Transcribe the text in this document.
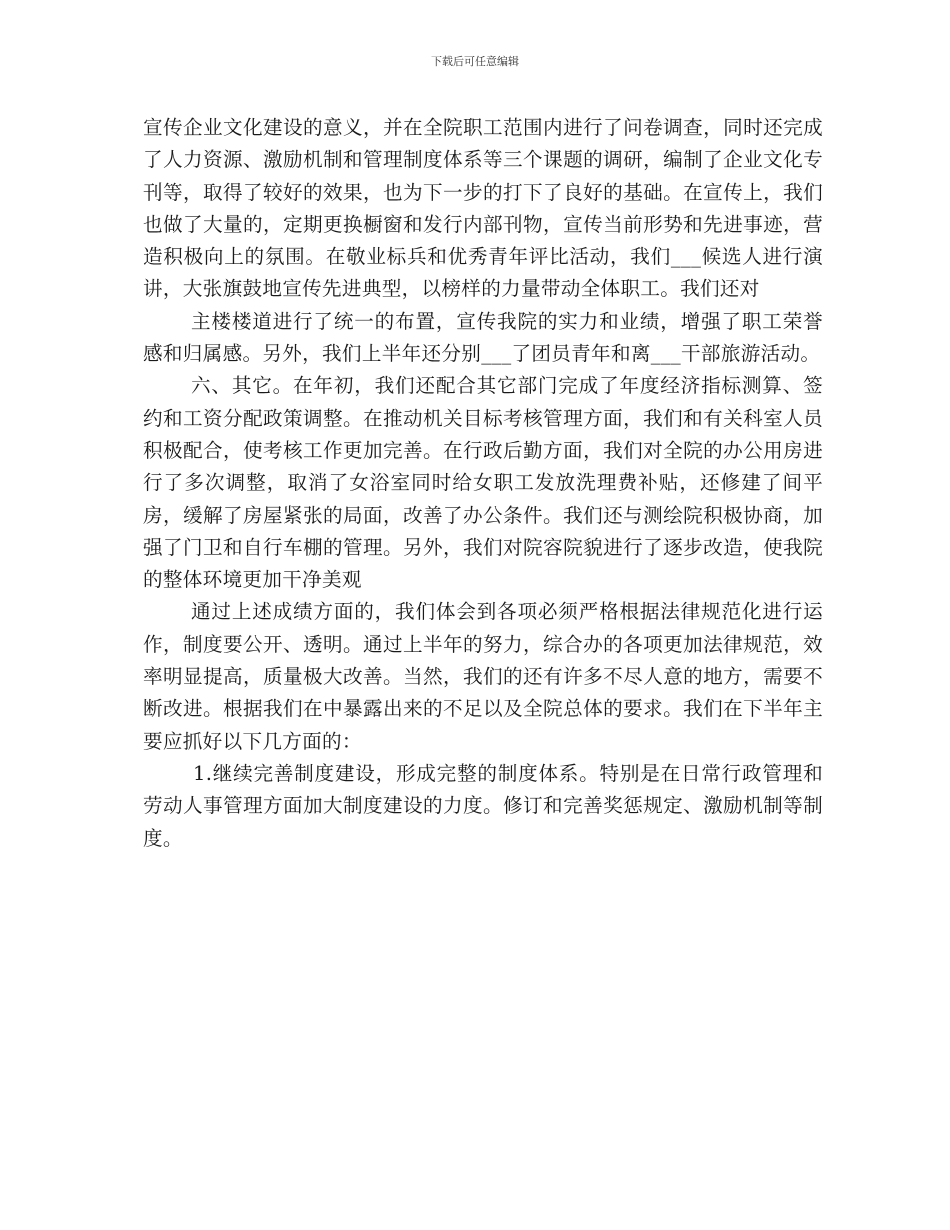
下载后可任意编辑

宣传企业文化建设的意义，并在全院职工范围内进行了问卷调查，同时还完成了人力资源、激励机制和管理制度体系等三个课题的调研，编制了企业文化专刊等，取得了较好的效果，也为下一步的打下了良好的基础。在宣传上，我们也做了大量的，定期更换橱窗和发行内部刊物，宣传当前形势和先进事迹，营造积极向上的氛围。在敬业标兵和优秀青年评比活动，我们___候选人进行演讲，大张旗鼓地宣传先进典型，以榜样的力量带动全体职工。我们还对

主楼楼道进行了统一的布置，宣传我院的实力和业绩，增强了职工荣誉感和归属感。另外，我们上半年还分别___了团员青年和离___干部旅游活动。

六、其它。在年初，我们还配合其它部门完成了年度经济指标测算、签约和工资分配政策调整。在推动机关目标考核管理方面，我们和有关科室人员积极配合，使考核工作更加完善。在行政后勤方面，我们对全院的办公用房进行了多次调整，取消了女浴室同时给女职工发放洗理费补贴，还修建了间平房，缓解了房屋紧张的局面，改善了办公条件。我们还与测绘院积极协商，加强了门卫和自行车棚的管理。另外，我们对院容院貌进行了逐步改造，使我院的整体环境更加干净美观

通过上述成绩方面的，我们体会到各项必须严格根据法律规范化进行运作，制度要公开、透明。通过上半年的努力，综合办的各项更加法律规范，效率明显提高，质量极大改善。当然，我们的还有许多不尽人意的地方，需要不断改进。根据我们在中暴露出来的不足以及全院总体的要求。我们在下半年主要应抓好以下几方面的：

1.继续完善制度建设，形成完整的制度体系。特别是在日常行政管理和劳动人事管理方面加大制度建设的力度。修订和完善奖惩规定、激励机制等制度。
